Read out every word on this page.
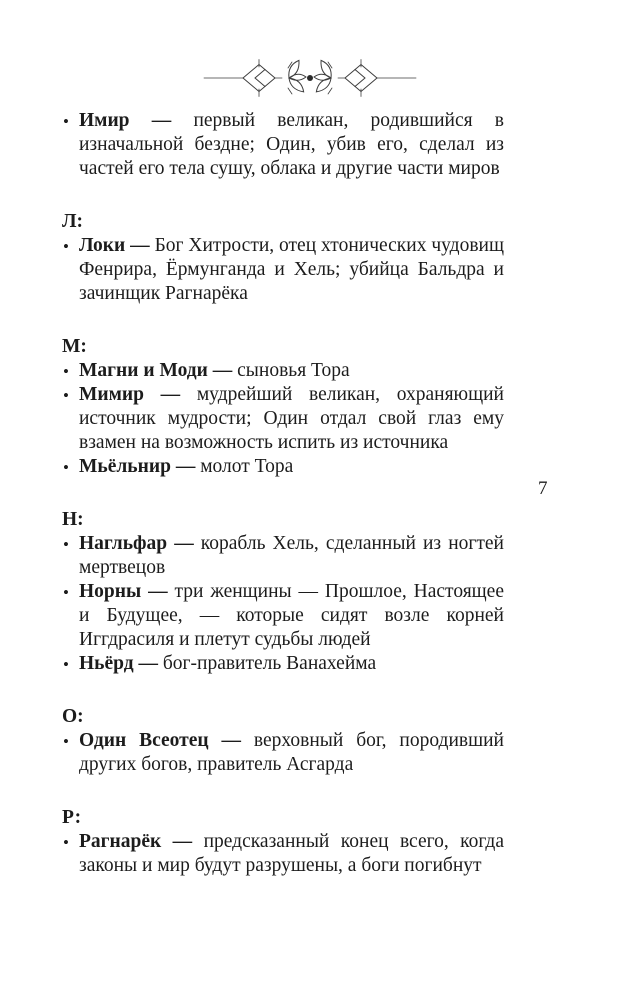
7
• Имир — первый великан, родившийся в изначальной бездне; Один, убив его, сделал из частей его тела сушу, облака и другие части миров
Л:
• Локи — Бог Хитрости, отец хтонических чудовищ Фенрира, Ёрмунганда и Хель; убийца Бальдра и зачинщик Рагнарёка
М:
• Магни и Моди — сыновья Тора
• Мимир — мудрейший великан, охраняющий источник мудрости; Один отдал свой глаз ему взамен на возможность испить из источника
• Мьёльнир — молот Тора
Н:
• Нагльфар — корабль Хель, сделанный из ногтей мертвецов
• Норны — три женщины — Прошлое, Настоящее и Будущее, — которые сидят возле корней Иггдрасиля и плетут судьбы людей
• Ньёрд — бог-правитель Ванахейма
О:
• Один Всеотец — верховный бог, породивший других богов, правитель Асгарда
Р:
• Рагнарёк — предсказанный конец всего, когда законы и мир будут разрушены, а боги погибнут
